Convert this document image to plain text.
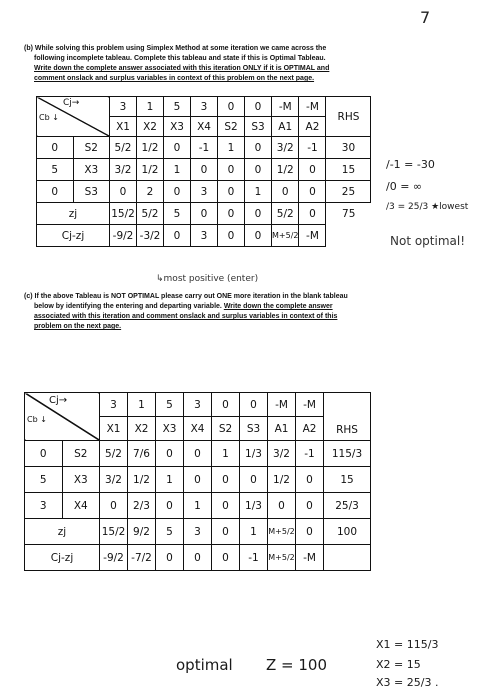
7
(b) While solving this problem using Simplex Method at some iteration we came across the
following incomplete tableau. Complete this tableau and state if this is Optimal Tableau.
Write down the complete answer associated with this iteration ONLY if it is OPTIMAL and
comment onslack and surplus variables in context of this problem on the next page.
Cj→
Cb ↓		3	1	5	3	0	0	-M	-M	RHS
		X1	X2	X3	X4	S2	S3	A1	A2	
0	S2	5/2	1/2	0	-1	1	0	3/2	-1	30
5	X3	3/2	1/2	1	0	0	0	1/2	0	15
0	S3	0	2	0	3	0	1	0	0	25
zj		15/2	5/2	5	0	0	0	5/2	0	75
Cj-zj		-9/2	-3/2	0	3	0	0	M+5/2	-M	
/-1 = -30
/0 = ∞
/3 = 25/3 ★lowest
↳most positive (enter)
Not optimal!
(c) If the above Tableau is NOT OPTIMAL please carry out ONE more iteration in the blank tableau
below by identifying the entering and departing variable. Write down the complete answer
associated with this iteration and comment onslack and surplus variables in context of this
problem on the next page.
Cj→
Cb ↓		3	1	5	3	0	0	-M	-M	RHS
		X1	X2	X3	X4	S2	S3	A1	A2	
0	S2	5/2	7/6	0	0	1	1/3	3/2	-1	115/3
5	X3	3/2	1/2	1	0	0	0	1/2	0	15
3	X4	0	2/3	0	1	0	1/3	0	0	25/3
zj		15/2	9/2	5	3	0	1	M+5/2	0	100
Cj-zj		-9/2	-7/2	0	0	0	-1	M+5/2	-M	
optimal Z = 100
X1 = 115/3
X2 = 15
X3 = 25/3 .
